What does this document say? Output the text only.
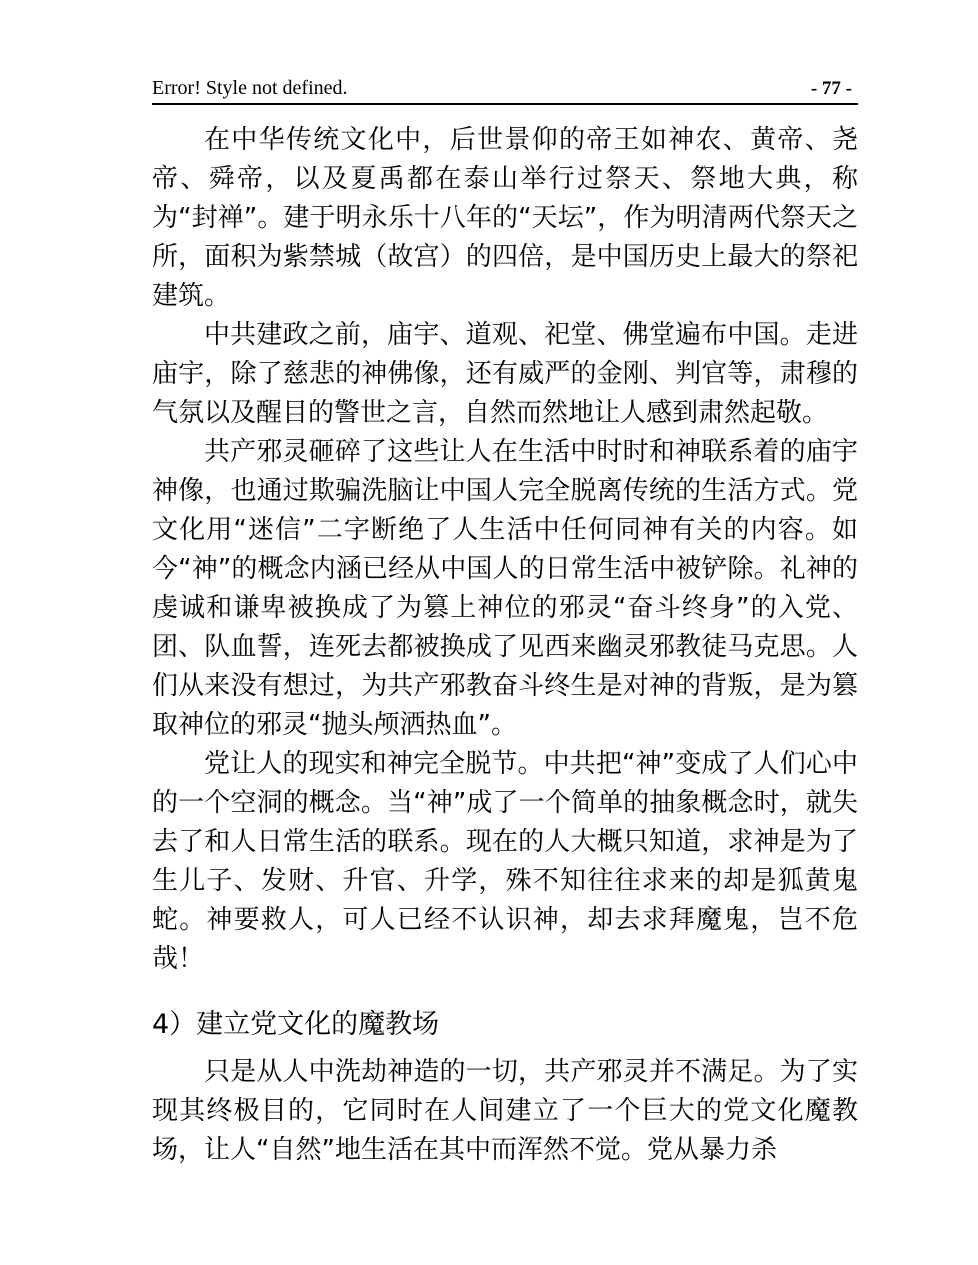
Error! Style not defined.	- 77 -

在中华传统文化中，后世景仰的帝王如神农、黄帝、尧帝、舜帝，以及夏禹都在泰山举行过祭天、祭地大典，称为“封禅”。建于明永乐十八年的“天坛”，作为明清两代祭天之所，面积为紫禁城（故宫）的四倍，是中国历史上最大的祭祀建筑。

中共建政之前，庙宇、道观、祀堂、佛堂遍布中国。走进庙宇，除了慈悲的神佛像，还有威严的金刚、判官等，肃穆的气氛以及醒目的警世之言，自然而然地让人感到肃然起敬。

共产邪灵砸碎了这些让人在生活中时时和神联系着的庙宇神像，也通过欺骗洗脑让中国人完全脱离传统的生活方式。党文化用“迷信”二字断绝了人生活中任何同神有关的内容。如今“神”的概念内涵已经从中国人的日常生活中被铲除。礼神的虔诚和谦卑被换成了为篡上神位的邪灵“奋斗终身”的入党、团、队血誓，连死去都被换成了见西来幽灵邪教徒马克思。人们从来没有想过，为共产邪教奋斗终生是对神的背叛，是为篡取神位的邪灵“抛头颅洒热血”。

党让人的现实和神完全脱节。中共把“神”变成了人们心中的一个空洞的概念。当“神”成了一个简单的抽象概念时，就失去了和人日常生活的联系。现在的人大概只知道，求神是为了生儿子、发财、升官、升学，殊不知往往求来的却是狐黄鬼蛇。神要救人，可人已经不认识神，却去求拜魔鬼，岂不危哉！

4）建立党文化的魔教场

只是从人中洗劫神造的一切，共产邪灵并不满足。为了实现其终极目的，它同时在人间建立了一个巨大的党文化魔教场，让人“自然”地生活在其中而浑然不觉。党从暴力杀
